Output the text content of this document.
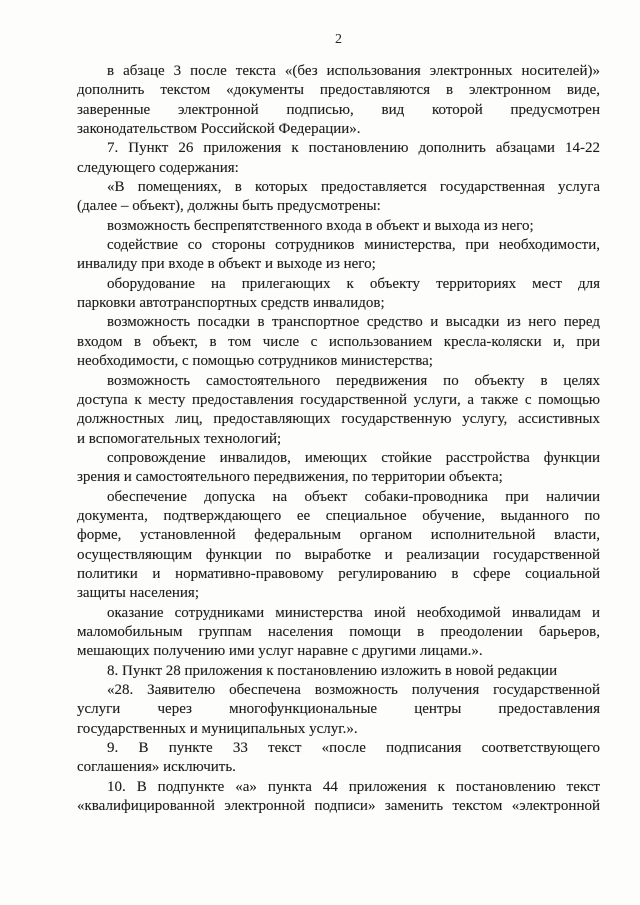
2
в абзаце 3 после текста «(без использования электронных носителей)»
дополнить текстом «документы предоставляются в электронном виде,
заверенные электронной подписью, вид которой предусмотрен
законодательством Российской Федерации».
7. Пункт 26 приложения к постановлению дополнить абзацами 14-22
следующего содержания:
«В помещениях, в которых предоставляется государственная услуга
(далее – объект), должны быть предусмотрены:
возможность беспрепятственного входа в объект и выхода из него;
содействие со стороны сотрудников министерства, при необходимости,
инвалиду при входе в объект и выходе из него;
оборудование на прилегающих к объекту территориях мест для
парковки автотранспортных средств инвалидов;
возможность посадки в транспортное средство и высадки из него перед
входом в объект, в том числе с использованием кресла-коляски и, при
необходимости, с помощью сотрудников министерства;
возможность самостоятельного передвижения по объекту в целях
доступа к месту предоставления государственной услуги, а также с помощью
должностных лиц, предоставляющих государственную услугу, ассистивных
и вспомогательных технологий;
сопровождение инвалидов, имеющих стойкие расстройства функции
зрения и самостоятельного передвижения, по территории объекта;
обеспечение допуска на объект собаки-проводника при наличии
документа, подтверждающего ее специальное обучение, выданного по
форме, установленной федеральным органом исполнительной власти,
осуществляющим функции по выработке и реализации государственной
политики и нормативно-правовому регулированию в сфере социальной
защиты населения;
оказание сотрудниками министерства иной необходимой инвалидам и
маломобильным группам населения помощи в преодолении барьеров,
мешающих получению ими услуг наравне с другими лицами.».
8. Пункт 28 приложения к постановлению изложить в новой редакции
«28. Заявителю обеспечена возможность получения государственной
услуги через многофункциональные центры предоставления
государственных и муниципальных услуг.».
9. В пункте 33 текст «после подписания соответствующего
соглашения» исключить.
10. В подпункте «а» пункта 44 приложения к постановлению текст
«квалифицированной электронной подписи» заменить текстом «электронной
